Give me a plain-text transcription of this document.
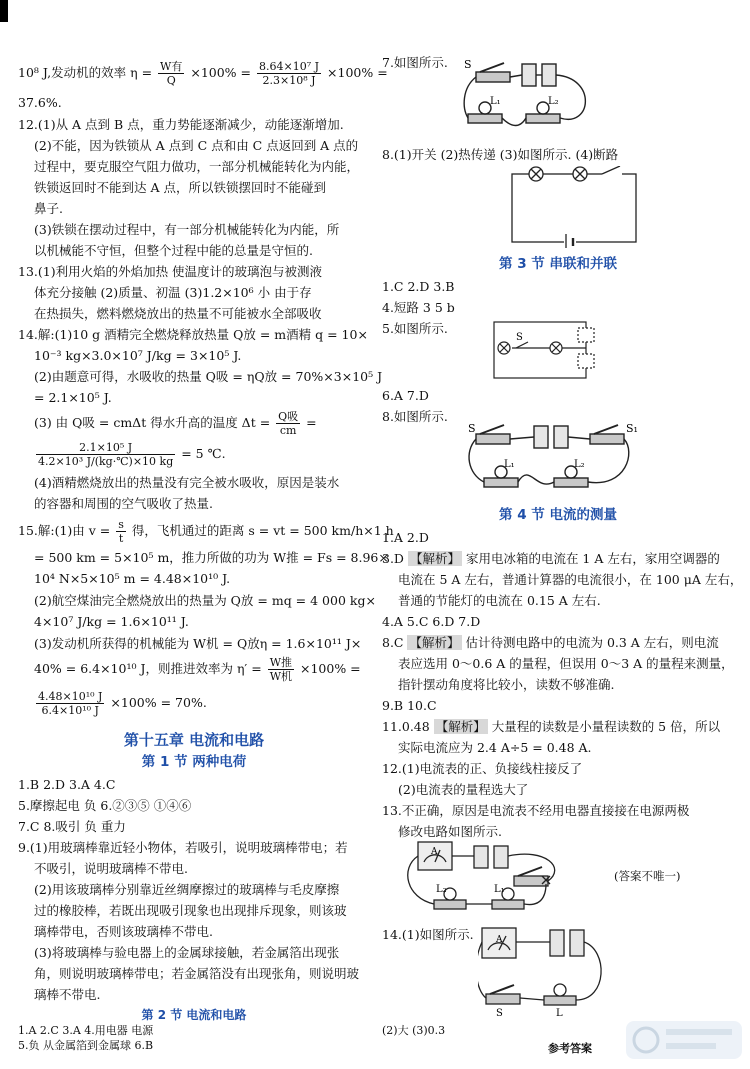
10⁸ J,发动机的效率 $\eta = \frac{\text{W有}}{Q} \times 100\% = \frac{\text{8.64×10⁷ J}}{\text{2.3×10⁸ J}} \times 100\%$ =
37.6%.
12.(1)从 A 点到 B 点，重力势能逐渐减少，动能逐渐增加.
(2)不能，因为铁锁从 A 点到 C 点和由 C 点返回到 A 点的
过程中，要克服空气阻力做功，一部分机械能转化为内能，
铁锁返回时不能到达 A 点，所以铁锁摆回时不能碰到
鼻子.
(3)铁锁在摆动过程中，有一部分机械能转化为内能，所
以机械能不守恒，但整个过程中能的总量是守恒的.
13.(1)利用火焰的外焰加热 使温度计的玻璃泡与被测液
体充分接触 (2)质量、初温 (3)1.2×10⁶ 小 由于存
在热损失，燃料燃烧放出的热量不可能被水全部吸收
14.解:(1)10 g 酒精完全燃烧释放热量 Q放 = m酒精 q = 10×
10⁻³ kg×3.0×10⁷ J/kg = 3×10⁵ J.
(2)由题意可得，水吸收的热量 Q吸 = ηQ放 = 70%×3×10⁵ J
= 2.1×10⁵ J.
(3) 由 Q吸 = cmΔt 得水升高的温度 $\Delta t = \frac{\text{Q吸}}{cm}$ =
$\frac{\text{2.1×10⁵ J}}{\text{4.2×10³ J/(kg·℃)×10 kg}} = 5$ ℃.
(4)酒精燃烧放出的热量没有完全被水吸收，原因是装水
的容器和周围的空气吸收了热量.
15.解:(1)由 $v = \frac{s}{t}$ 得，飞机通过的距离 s = vt = 500 km/h×1 h
= 500 km = 5×10⁵ m，推力所做的功为 W推 = Fs = 8.96×
10⁴ N×5×10⁵ m = 4.48×10¹⁰ J.
(2)航空煤油完全燃烧放出的热量为 Q放 = mq = 4 000 kg×
4×10⁷ J/kg = 1.6×10¹¹ J.
(3)发动机所获得的机械能为 W机 = Q放η = 1.6×10¹¹ J×
40% = 6.4×10¹⁰ J，则推进效率为 $\eta' = \frac{\text{W推}}{\text{W机}} \times 100\%$ =
$\frac{\text{4.48×10¹⁰ J}}{\text{6.4×10¹⁰ J}} \times 100\% = 70\%$.
第十五章 电流和电路
第 1 节 两种电荷
1.B 2.D 3.A 4.C
5.摩擦起电 负 6.②③⑤ ①④⑥
7.C 8.吸引 负 重力
9.(1)用玻璃棒靠近轻小物体，若吸引，说明玻璃棒带电；若
不吸引，说明玻璃棒不带电.
(2)用该玻璃棒分别靠近丝绸摩擦过的玻璃棒与毛皮摩擦
过的橡胶棒，若既出现吸引现象也出现排斥现象，则该玻
璃棒带电，否则该玻璃棒不带电.
(3)将玻璃棒与验电器上的金属球接触，若金属箔出现张
角，则说明玻璃棒带电；若金属箔没有出现张角，则说明玻
璃棒不带电.
第 2 节 电流和电路
1.A 2.C 3.A 4.用电器 电源
5.负 从金属箔到金属球 6.B
7.如图所示.	S
L₁	L₂
8.(1)开关 (2)热传递 (3)如图所示. (4)断路
第 3 节 串联和并联
1.C 2.D 3.B
4.短路 3 5 b
5.如图所示.
S
6.A 7.D
8.如图所示.
S	S₁
L₁	L₂
第 4 节 电流的测量
1.A 2.D
3.D 【解析】 家用电冰箱的电流在 1 A 左右，家用空调器的
电流在 5 A 左右，普通计算器的电流很小，在 100 μA 左右，
普通的节能灯的电流在 0.15 A 左右.
4.A 5.C 6.D 7.D
8.C 【解析】 估计待测电路中的电流为 0.3 A 左右，则电流
表应选用 0～0.6 A 的量程，但误用 0～3 A 的量程来测量，
指针摆动角度将比较小，读数不够准确.
9.B 10.C
11.0.48 【解析】 大量程的读数是小量程读数的 5 倍，所以
实际电流应为 2.4 A÷5 = 0.48 A.
12.(1)电流表的正、负接线柱接反了
(2)电流表的量程选大了
13.不正确，原因是电流表不经用电器直接接在电源两极
修改电路如图所示.
A
L₂	L₁
(答案不唯一)
14.(1)如图所示.	A
S	L
(2)大 (3)0.3
参考答案
